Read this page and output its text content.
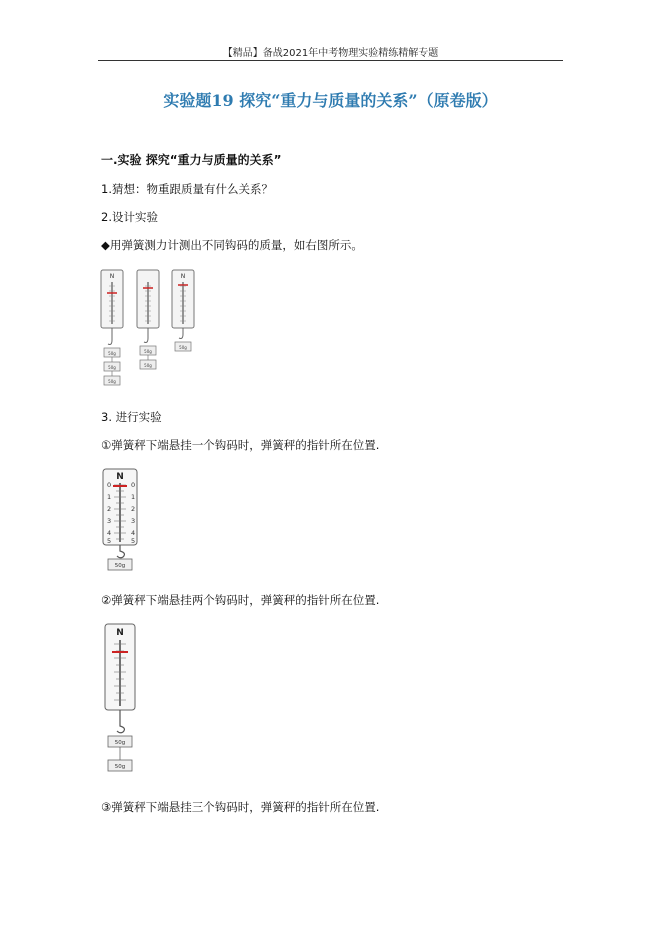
【精品】备战2021年中考物理实验精练精解专题
实验题19 探究“重力与质量的关系”（原卷版）
一.实验 探究“重力与质量的关系”
1.猜想：物重跟质量有什么关系？
2.设计实验
◆用弹簧测力计测出不同钩码的质量，如右图所示。
N
50g
50g
50g
50g
50g
N
50g
3. 进行实验
①弹簧秤下端悬挂一个钩码时，弹簧秤的指针所在位置.
N
0	0
1	1
2	2
3	3
4	4
5	5
50g
②弹簧秤下端悬挂两个钩码时，弹簧秤的指针所在位置.
N
50g
50g
③弹簧秤下端悬挂三个钩码时，弹簧秤的指针所在位置.
